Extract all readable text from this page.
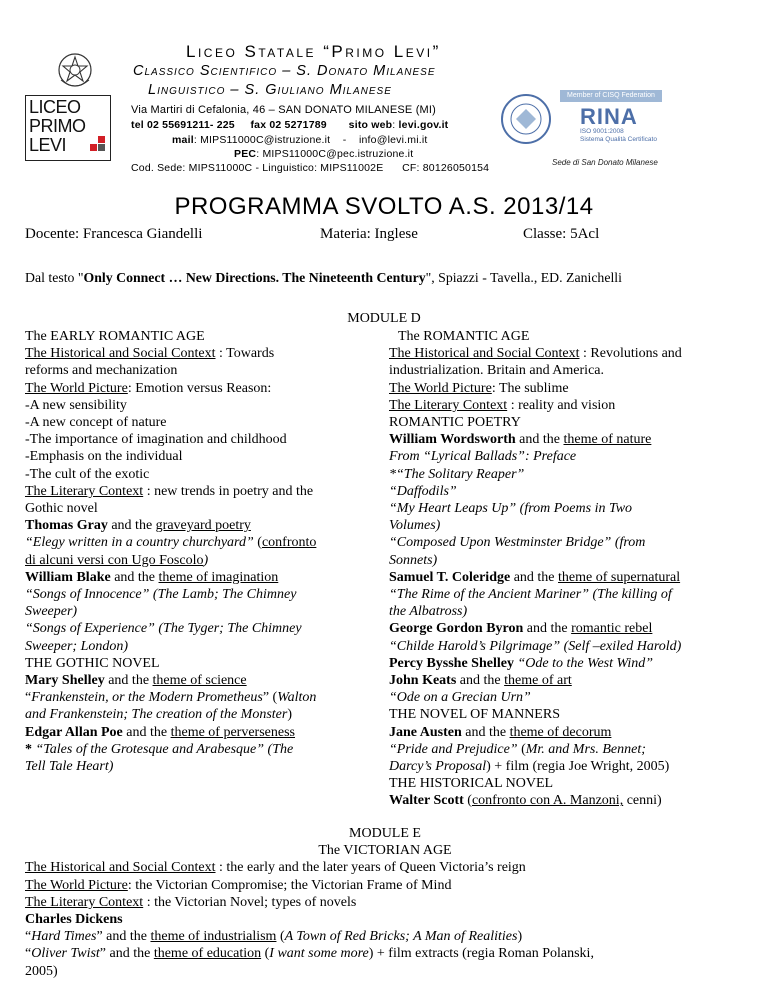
LICEO
PRIMO
LEVI
Liceo Statale “Primo Levi”
Classico Scientifico – S. Donato Milanese
Linguistico – S. Giuliano Milanese
Via Martiri di Cefalonia, 46 – SAN DONATO MILANESE (MI)
tel 02 55691211- 225 fax 02 5271789 sito web: levi.gov.it
mail: MIPS11000C@istruzione.it - info@levi.mi.it
PEC: MIPS11000C@pec.istruzione.it
Cod. Sede: MIPS11000C - Linguistico: MIPS11002E CF: 80126050154
Member of CISQ Federation
RINA
ISO 9001:2008
Sistema Qualità Certificato
Sede di San Donato Milanese
PROGRAMMA SVOLTO A.S. 2013/14
Docente: Francesca Giandelli	Materia: Inglese	Classe: 5Acl
Dal testo "Only Connect … New Directions. The Nineteenth Century", Spiazzi - Tavella., ED. Zanichelli
MODULE D
The EARLY ROMANTIC AGE
The Historical and Social Context : Towards
reforms and mechanization
The World Picture: Emotion versus Reason:
-A new sensibility
-A new concept of nature
-The importance of imagination and childhood
-Emphasis on the individual
-The cult of the exotic
The Literary Context : new trends in poetry and the
Gothic novel
Thomas Gray and the graveyard poetry
“Elegy written in a country churchyard” (confronto
di alcuni versi con Ugo Foscolo)
William Blake and the theme of imagination
“Songs of Innocence” (The Lamb; The Chimney
Sweeper)
“Songs of Experience” (The Tyger; The Chimney
Sweeper; London)
THE GOTHIC NOVEL
Mary Shelley and the theme of science
“Frankenstein, or the Modern Prometheus” (Walton
and Frankenstein; The creation of the Monster)
Edgar Allan Poe and the theme of perverseness
* “Tales of the Grotesque and Arabesque” (The
Tell Tale Heart)
The ROMANTIC AGE
The Historical and Social Context : Revolutions and
industrialization. Britain and America.
The World Picture: The sublime
The Literary Context : reality and vision
ROMANTIC POETRY
William Wordsworth and the theme of nature
From “Lyrical Ballads”: Preface
*“The Solitary Reaper”
“Daffodils”
“My Heart Leaps Up” (from Poems in Two
Volumes)
“Composed Upon Westminster Bridge” (from
Sonnets)
Samuel T. Coleridge and the theme of supernatural
“The Rime of the Ancient Mariner” (The killing of
the Albatross)
George Gordon Byron and the romantic rebel
“Childe Harold’s Pilgrimage” (Self –exiled Harold)
Percy Bysshe Shelley “Ode to the West Wind”
John Keats and the theme of art
“Ode on a Grecian Urn”
THE NOVEL OF MANNERS
Jane Austen and the theme of decorum
“Pride and Prejudice” (Mr. and Mrs. Bennet;
Darcy’s Proposal) + film (regia Joe Wright, 2005)
THE HISTORICAL NOVEL
Walter Scott (confronto con A. Manzoni, cenni)
MODULE E
The VICTORIAN AGE
The Historical and Social Context : the early and the later years of Queen Victoria’s reign
The World Picture: the Victorian Compromise; the Victorian Frame of Mind
The Literary Context : the Victorian Novel; types of novels
Charles Dickens
“Hard Times” and the theme of industrialism (A Town of Red Bricks; A Man of Realities)
“Oliver Twist” and the theme of education (I want some more) + film extracts (regia Roman Polanski,
2005)
